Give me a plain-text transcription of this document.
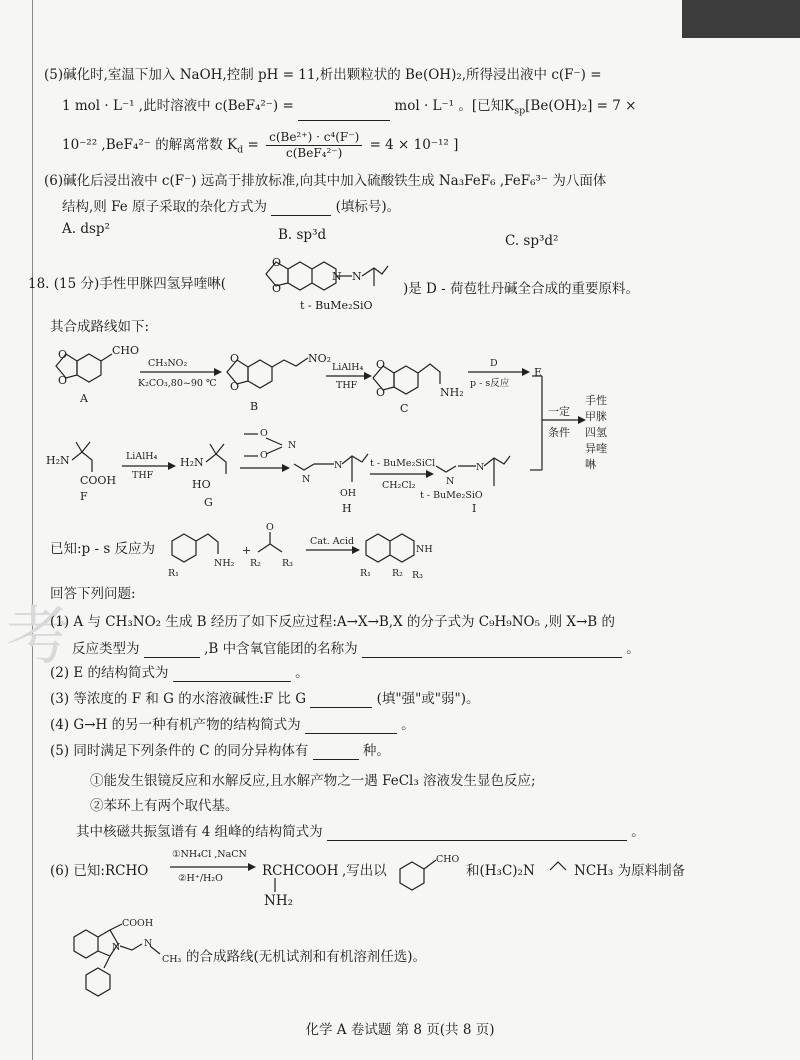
考
(5)碱化时,室温下加入 NaOH,控制 pH = 11,析出颗粒状的 Be(OH)₂,所得浸出液中 c(F⁻) =
1 mol · L⁻¹ ,此时溶液中 c(BeF₄²⁻) =	mol · L⁻¹ 。[已知$K_{sp}[Be(OH)_2] = 7$ ×
10⁻²² ,BeF₄²⁻ 的解离常数 $K_d = \frac{\text{c(Be²⁺) · c⁴(F⁻)}}{\text{c(BeF₄²⁻)}} = 4 \times 10^{-12}$ ]
(6)碱化后浸出液中 c(F⁻) 远高于排放标准,向其中加入硫酸铁生成 Na₃FeF₆ ,FeF₆³⁻ 为八面体
结构,则 Fe 原子采取的杂化方式为	(填标号)。
A. dsp²	B. sp³d	C. sp³d²
18. (15 分)手性甲脒四氢异喹啉(
O
O
N N
t - BuMe₂SiO
)是 D - 荷苞牡丹碱全合成的重要原料。
其合成路线如下:
O
O
CHO
A
CH₃NO₂
K₂CO₃,80~90 ℃
O
O
NO₂
B
LiAlH₄
THF
O
O	NH₂
C
D
p - s反应
E
一定
条件
手性
甲脒
四氢
异喹
啉
H₂N
COOH
F
LiAlH₄
THF
H₂N
HO
G
O
O
N
N
N
OH
H
t - BuMe₂SiCl
CH₂Cl₂	N
N
t - BuMe₂SiO
I
已知:p - s 反应为
NH₂
R₁
+
O
R₂ R₃
Cat. Acid
NH
R₁ R₂ R₃
回答下列问题:
(1) A 与 CH₃NO₂ 生成 B 经历了如下反应过程:A→X→B,X 的分子式为 C₉H₉NO₅ ,则 X→B 的
反应类型为	,B 中含氧官能团的名称为	。
(2) E 的结构简式为	。
(3) 等浓度的 F 和 G 的水溶液碱性:F 比 G	(填"强"或"弱")。
(4) G→H 的另一种有机产物的结构简式为	。
(5) 同时满足下列条件的 C 的同分异构体有	种。
①能发生银镜反应和水解反应,且水解产物之一遇 FeCl₃ 溶液发生显色反应;
②苯环上有两个取代基。
其中核磁共振氢谱有 4 组峰的结构简式为	。
(6) 已知:RCHO
①NH₄Cl ,NaCN
②H⁺/H₂O	RCHCOOH
NH₂
,写出以
CHO
和(H₃C)₂N	NCH₃ 为原料制备
COOH
N N
CH₃ 的合成路线(无机试剂和有机溶剂任选)。
化学 A 卷试题 第 8 页(共 8 页)
